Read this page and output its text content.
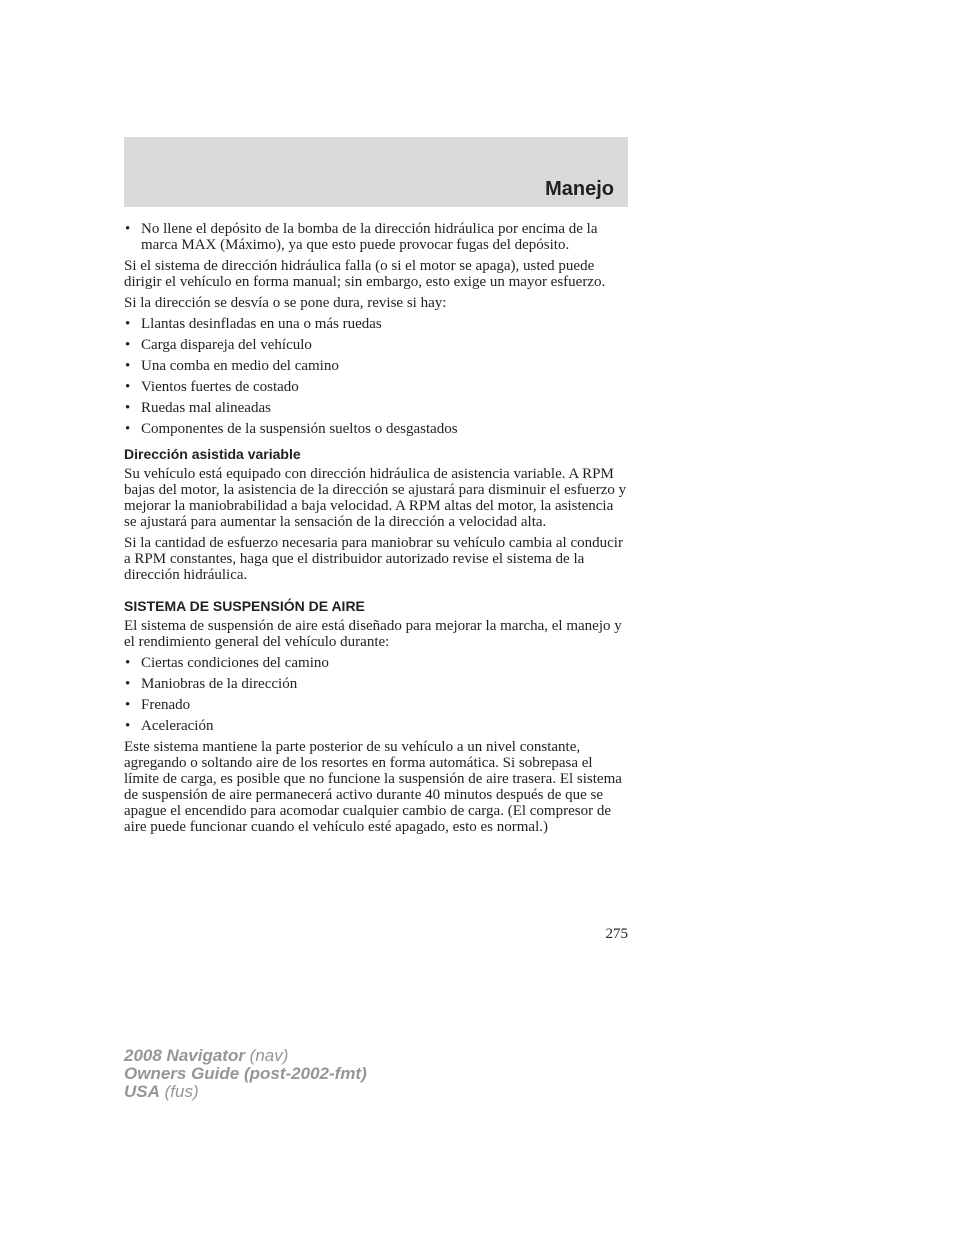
Manejo
• No llene el depósito de la bomba de la dirección hidráulica por encima de la marca MAX (Máximo), ya que esto puede provocar fugas del depósito.

Si el sistema de dirección hidráulica falla (o si el motor se apaga), usted puede dirigir el vehículo en forma manual; sin embargo, esto exige un mayor esfuerzo.

Si la dirección se desvía o se pone dura, revise si hay:

• Llantas desinfladas en una o más ruedas
• Carga dispareja del vehículo
• Una comba en medio del camino
• Vientos fuertes de costado
• Ruedas mal alineadas
• Componentes de la suspensión sueltos o desgastados
Dirección asistida variable

Su vehículo está equipado con dirección hidráulica de asistencia variable. A RPM bajas del motor, la asistencia de la dirección se ajustará para disminuir el esfuerzo y mejorar la maniobrabilidad a baja velocidad. A RPM altas del motor, la asistencia se ajustará para aumentar la sensación de la dirección a velocidad alta.

Si la cantidad de esfuerzo necesaria para maniobrar su vehículo cambia al conducir a RPM constantes, haga que el distribuidor autorizado revise el sistema de la dirección hidráulica.

SISTEMA DE SUSPENSIÓN DE AIRE

El sistema de suspensión de aire está diseñado para mejorar la marcha, el manejo y el rendimiento general del vehículo durante:

• Ciertas condiciones del camino
• Maniobras de la dirección
• Frenado
• Aceleración

Este sistema mantiene la parte posterior de su vehículo a un nivel constante, agregando o soltando aire de los resortes en forma automática. Si sobrepasa el límite de carga, es posible que no funcione la suspensión de aire trasera. El sistema de suspensión de aire permanecerá activo durante 40 minutos después de que se apague el encendido para acomodar cualquier cambio de carga. (El compresor de aire puede funcionar cuando el vehículo esté apagado, esto es normal.)

275
2008 Navigator (nav)
Owners Guide (post-2002-fmt)
USA (fus)
